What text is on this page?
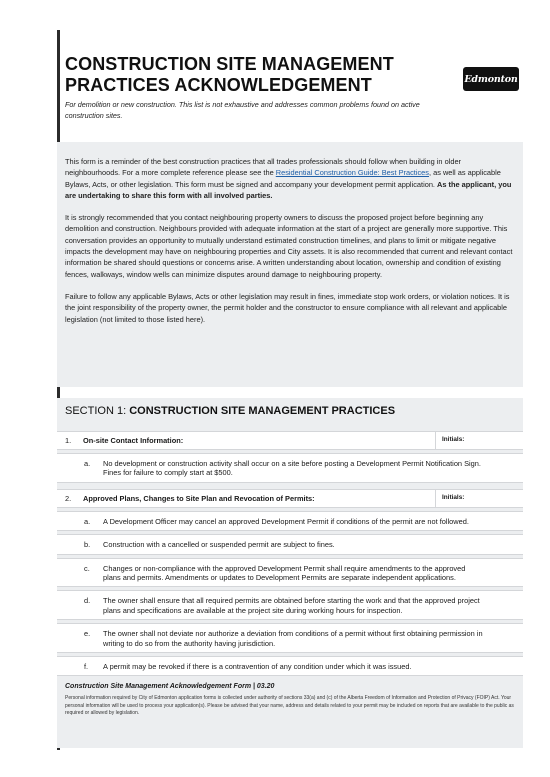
CONSTRUCTION SITE MANAGEMENT
PRACTICES ACKNOWLEDGEMENT

For demolition or new construction. This list is not exhaustive and addresses common problems found on active construction sites.

Edmonton

This form is a reminder of the best construction practices that all trades professionals should follow when building in older neighbourhoods. For a more complete reference please see the Residential Construction Guide: Best Practices, as well as applicable Bylaws, Acts, or other legislation. This form must be signed and accompany your development permit application. As the applicant, you are undertaking to share this form with all involved parties.

It is strongly recommended that you contact neighbouring property owners to discuss the proposed project before beginning any demolition and construction. Neighbours provided with adequate information at the start of a project are generally more supportive. This conversation provides an opportunity to mutually understand estimated construction timelines, and plans to limit or mitigate negative impacts the development may have on neighbouring properties and City assets. It is also recommended that current and relevant contact information be shared should questions or concerns arise. A written understanding about location, ownership and condition of existing fences, walkways, window wells can minimize disputes around damage to neighbouring property.

Failure to follow any applicable Bylaws, Acts or other legislation may result in fines, immediate stop work orders, or violation notices. It is the joint responsibility of the property owner, the permit holder and the constructor to ensure compliance with all relevant and applicable legislation (not limited to those listed here).

SECTION 1: CONSTRUCTION SITE MANAGEMENT PRACTICES
1. On-site Contact Information:	Initials:
a. No development or construction activity shall occur on a site before posting a Development Permit Notification Sign. Fines for failure to comply start at $500.
2. Approved Plans, Changes to Site Plan and Revocation of Permits:	Initials:
a. A Development Officer may cancel an approved Development Permit if conditions of the permit are not followed.
b. Construction with a cancelled or suspended permit are subject to fines.
c. Changes or non-compliance with the approved Development Permit shall require amendments to the approved plans and permits. Amendments or updates to Development Permits are separate independent applications.
d. The owner shall ensure that all required permits are obtained before starting the work and that the approved project plans and specifications are available at the project site during working hours for inspection.
e. The owner shall not deviate nor authorize a deviation from conditions of a permit without first obtaining permission in writing to do so from the authority having jurisdiction.
f. A permit may be revoked if there is a contravention of any condition under which it was issued.
Construction Site Management Acknowledgement Form | 03.20
Personal information required by City of Edmonton application forms is collected under authority of sections 33(a) and (c) of the Alberta Freedom of Information and Protection of Privacy (FOIP) Act. Your personal information will be used to process your application(s). Please be advised that your name, address and details related to your permit may be included on reports that are available to the public as required or allowed by legislation.
